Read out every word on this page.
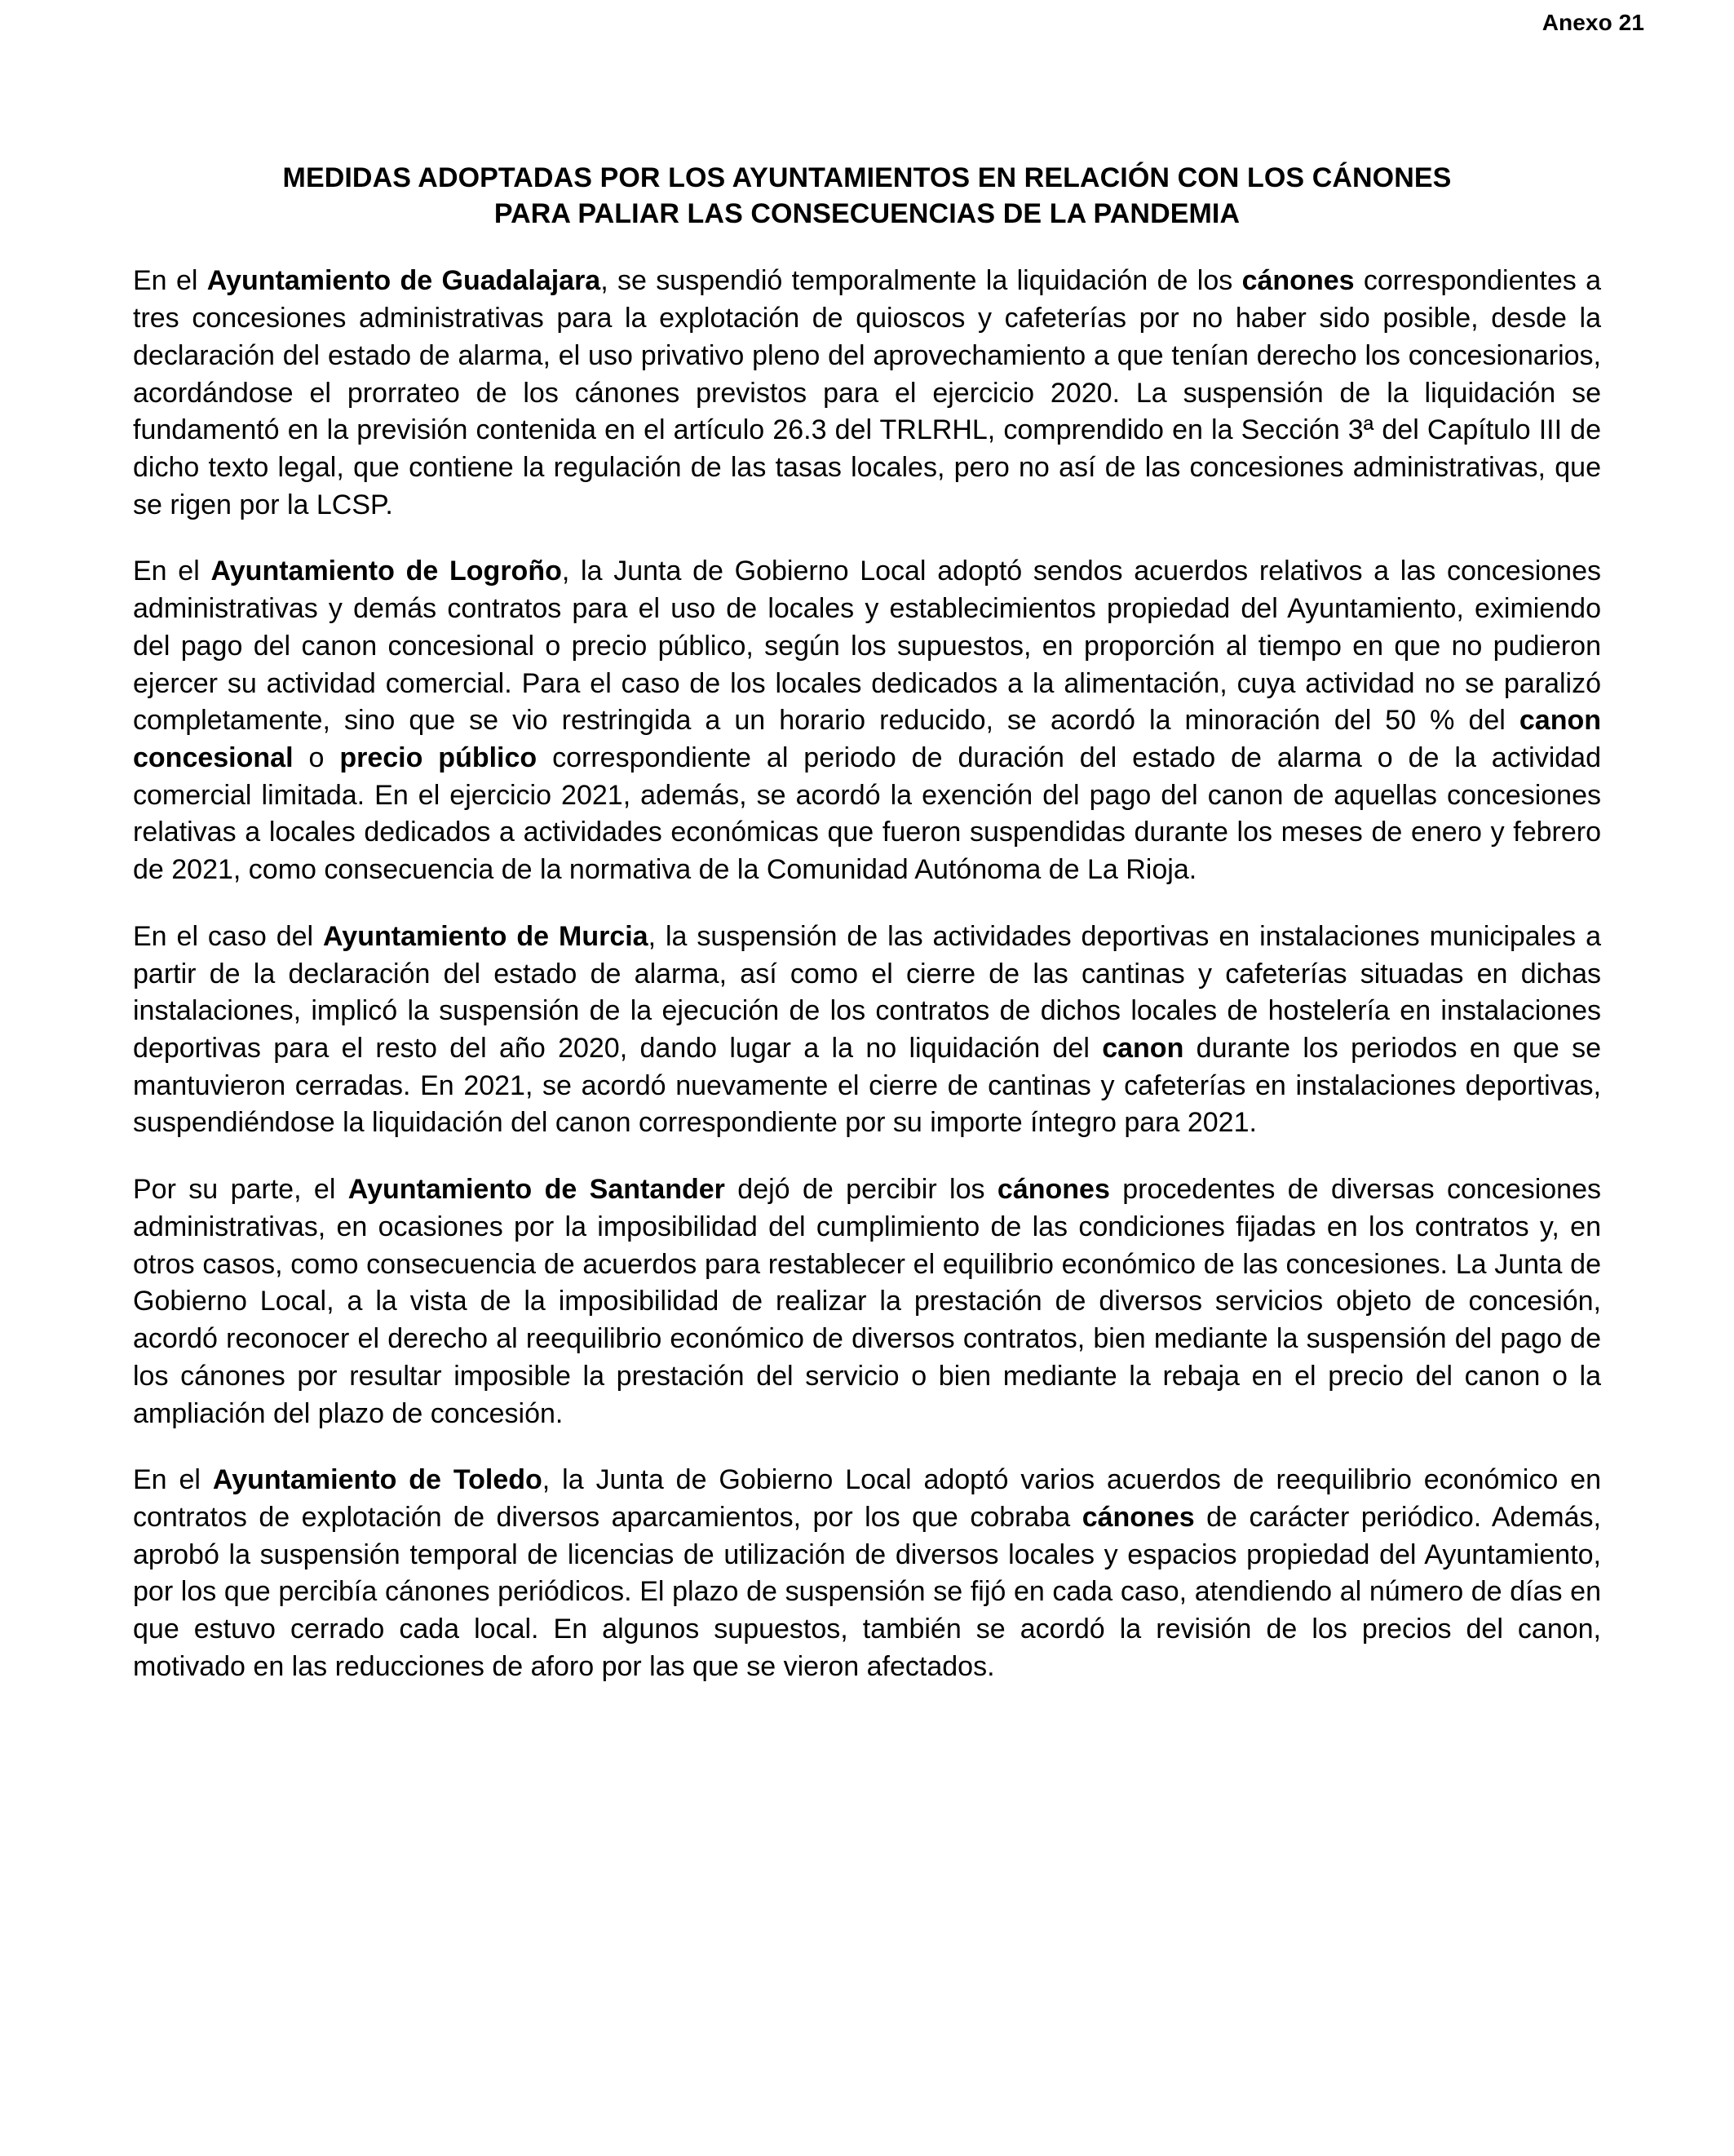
Anexo 21
MEDIDAS ADOPTADAS POR LOS AYUNTAMIENTOS EN RELACIÓN CON LOS CÁNONES
PARA PALIAR LAS CONSECUENCIAS DE LA PANDEMIA

En el Ayuntamiento de Guadalajara, se suspendió temporalmente la liquidación de los cánones correspondientes a tres concesiones administrativas para la explotación de quioscos y cafeterías por no haber sido posible, desde la declaración del estado de alarma, el uso privativo pleno del aprovechamiento a que tenían derecho los concesionarios, acordándose el prorrateo de los cánones previstos para el ejercicio 2020. La suspensión de la liquidación se fundamentó en la previsión contenida en el artículo 26.3 del TRLRHL, comprendido en la Sección 3ª del Capítulo III de dicho texto legal, que contiene la regulación de las tasas locales, pero no así de las concesiones administrativas, que se rigen por la LCSP.

En el Ayuntamiento de Logroño, la Junta de Gobierno Local adoptó sendos acuerdos relativos a las concesiones administrativas y demás contratos para el uso de locales y establecimientos propiedad del Ayuntamiento, eximiendo del pago del canon concesional o precio público, según los supuestos, en proporción al tiempo en que no pudieron ejercer su actividad comercial. Para el caso de los locales dedicados a la alimentación, cuya actividad no se paralizó completamente, sino que se vio restringida a un horario reducido, se acordó la minoración del 50 % del canon concesional o precio público correspondiente al periodo de duración del estado de alarma o de la actividad comercial limitada. En el ejercicio 2021, además, se acordó la exención del pago del canon de aquellas concesiones relativas a locales dedicados a actividades económicas que fueron suspendidas durante los meses de enero y febrero de 2021, como consecuencia de la normativa de la Comunidad Autónoma de La Rioja.

En el caso del Ayuntamiento de Murcia, la suspensión de las actividades deportivas en instalaciones municipales a partir de la declaración del estado de alarma, así como el cierre de las cantinas y cafeterías situadas en dichas instalaciones, implicó la suspensión de la ejecución de los contratos de dichos locales de hostelería en instalaciones deportivas para el resto del año 2020, dando lugar a la no liquidación del canon durante los periodos en que se mantuvieron cerradas. En 2021, se acordó nuevamente el cierre de cantinas y cafeterías en instalaciones deportivas, suspendiéndose la liquidación del canon correspondiente por su importe íntegro para 2021.

Por su parte, el Ayuntamiento de Santander dejó de percibir los cánones procedentes de diversas concesiones administrativas, en ocasiones por la imposibilidad del cumplimiento de las condiciones fijadas en los contratos y, en otros casos, como consecuencia de acuerdos para restablecer el equilibrio económico de las concesiones. La Junta de Gobierno Local, a la vista de la imposibilidad de realizar la prestación de diversos servicios objeto de concesión, acordó reconocer el derecho al reequilibrio económico de diversos contratos, bien mediante la suspensión del pago de los cánones por resultar imposible la prestación del servicio o bien mediante la rebaja en el precio del canon o la ampliación del plazo de concesión.

En el Ayuntamiento de Toledo, la Junta de Gobierno Local adoptó varios acuerdos de reequilibrio económico en contratos de explotación de diversos aparcamientos, por los que cobraba cánones de carácter periódico. Además, aprobó la suspensión temporal de licencias de utilización de diversos locales y espacios propiedad del Ayuntamiento, por los que percibía cánones periódicos. El plazo de suspensión se fijó en cada caso, atendiendo al número de días en que estuvo cerrado cada local. En algunos supuestos, también se acordó la revisión de los precios del canon, motivado en las reducciones de aforo por las que se vieron afectados.
